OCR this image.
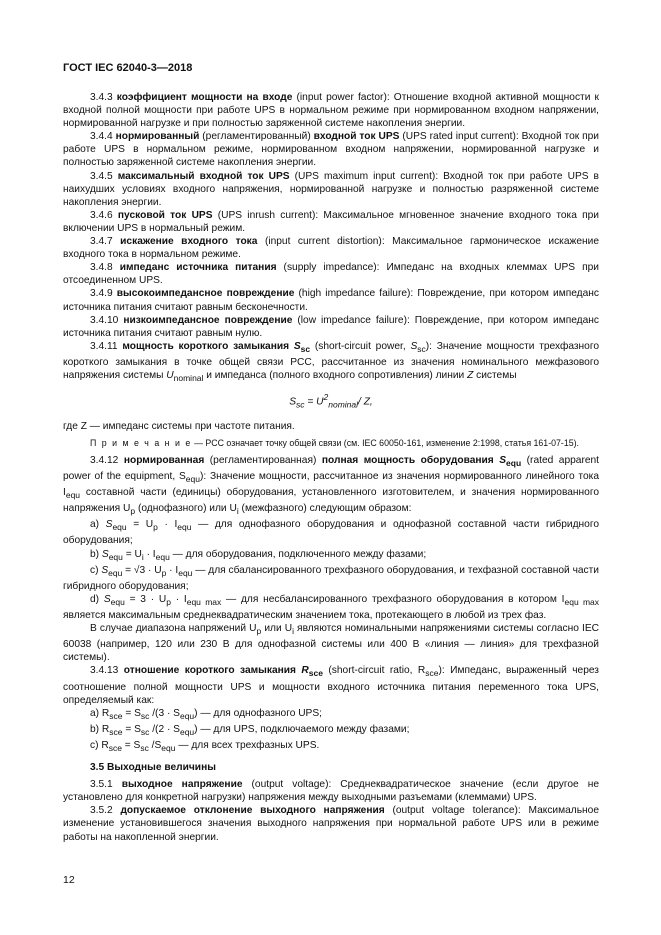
ГОСТ IEC 62040-3—2018

3.4.3 коэффициент мощности на входе (input power factor): Отношение входной активной мощности к входной полной мощности при работе UPS в нормальном режиме при нормированном входном напряжении, нормированной нагрузке и при полностью заряженной системе накопления энергии.

3.4.4 нормированный (регламентированный) входной ток UPS (UPS rated input current): Входной ток при работе UPS в нормальном режиме, нормированном входном напряжении, нормированной нагрузке и полностью заряженной системе накопления энергии.

3.4.5 максимальный входной ток UPS (UPS maximum input current): Входной ток при работе UPS в наихудших условиях входного напряжения, нормированной нагрузке и полностью разряженной системе накопления энергии.

3.4.6 пусковой ток UPS (UPS inrush current): Максимальное мгновенное значение входного тока при включении UPS в нормальный режим.

3.4.7 искажение входного тока (input current distortion): Максимальное гармоническое искажение входного тока в нормальном режиме.

3.4.8 импеданс источника питания (supply impedance): Импеданс на входных клеммах UPS при отсоединенном UPS.

3.4.9 высокоимпедансное повреждение (high impedance failure): Повреждение, при котором импеданс источника питания считают равным бесконечности.

3.4.10 низкоимпедансное повреждение (low impedance failure): Повреждение, при котором импеданс источника питания считают равным нулю.

3.4.11 мощность короткого замыкания $S_{sc}$ (short-circuit power, $S_{sc}$): Значение мощности трехфазного короткого замыкания в точке общей связи PCC, рассчитанное из значения номинального межфазового напряжения системы $U_{nominal}$ и импеданса (полного входного сопротивления) линии Z системы

$S_{sc} = U^2_{nominal}/$ Z,

где Z — импеданс системы при частоте питания.

П р и м е ч а н и е — PCC означает точку общей связи (см. IEC 60050-161, изменение 2:1998, статья 161-07-15).

3.4.12 нормированная (регламентированная) полная мощность оборудования $S_{equ}$ (rated apparent power of the equipment, $S_{equ}$): Значение мощности, рассчитанное из значения нормированного линейного тока $I_{equ}$ составной части (единицы) оборудования, установленного изготовителем, и значения нормированного напряжения $U_p$ (однофазного) или $U_i$ (межфазного) следующим образом:

a) $S_{equ} = U_p \cdot I_{equ}$ — для однофазного оборудования и однофазной составной части гибридного оборудования;

b) $S_{equ} = U_i \cdot I_{equ}$ — для оборудования, подключенного между фазами;

c) $S_{equ} = √3 \cdot U_p \cdot I_{equ}$ — для сбалансированного трехфазного оборудования, и техфазной составной части гибридного оборудования;

d) $S_{equ} = 3 \cdot U_p \cdot I_{equ max}$ — для несбалансированного трехфазного оборудования в котором $I_{equ max}$ является максимальным среднеквадратическим значением тока, протекающего в любой из трех фаз.

В случае диапазона напряжений $U_p$ или $U_i$ являются номинальными напряжениями системы согласно IEC 60038 (например, 120 или 230 В для однофазной системы или 400 В «линия — линия» для трехфазной системы).

3.4.13 отношение короткого замыкания $R_{sce}$ (short-circuit ratio, $R_{sce}$): Импеданс, выраженный через соотношение полной мощности UPS и мощности входного источника питания переменного тока UPS, определяемый как:

a) $R_{sce} = S_{sc}$ $/(3 \cdot S_{equ})$ — для однофазного UPS;

b) $R_{sce} = S_{sc}$ $/(2 \cdot S_{equ})$ — для UPS, подключаемого между фазами;

c) $R_{sce} = S_{sc}$ $/S_{equ}$ — для всех трехфазных UPS.

3.5 Выходные величины

3.5.1 выходное напряжение (output voltage): Среднеквадратическое значение (если другое не установлено для конкретной нагрузки) напряжения между выходными разъемами (клеммами) UPS.

3.5.2 допускаемое отклонение выходного напряжения (output voltage tolerance): Максимальное изменение установившегося значения выходного напряжения при нормальной работе UPS или в режиме работы на накопленной энергии.

12
